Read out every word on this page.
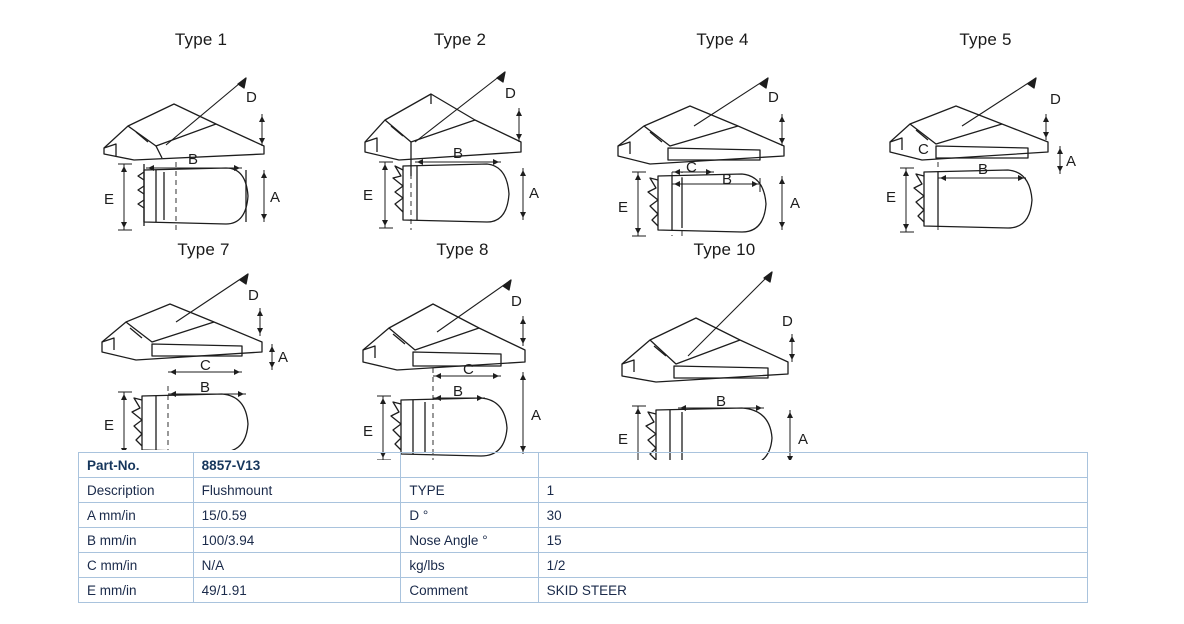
Type 1
D
B
A
E
Type 2
D
B
A
E
Type 4
D
C
B
A
E
Type 5
D
A
C
B
E
Type 7
D
A
C
B
E
Type 8
D
C
B
A
E
Type 10
D
B
A
E
Part-No.	8857-V13		
Description	Flushmount	TYPE	1
A mm/in	15/0.59	D °	30
B mm/in	100/3.94	Nose Angle °	15
C mm/in	N/A	kg/lbs	1/2
E mm/in	49/1.91	Comment	SKID STEER
